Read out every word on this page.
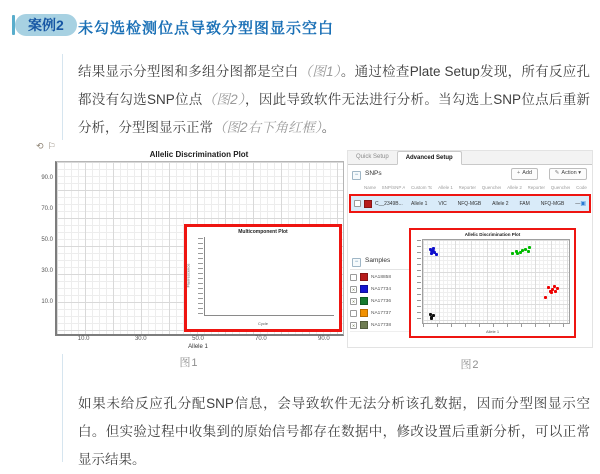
案例2 未勾选检测位点导致分型图显示空白
结果显示分型图和多组分图都是空白（图1）。通过检查Plate Setup发现，所有反应孔都没有勾选SNP位点（图2），因此导致软件无法进行分析。当勾选上SNP位点后重新分析，分型图显示正常（图2右下角红框）。
⟲⚐
Allelic Discrimination Plot
90.0
70.0
50.0
30.0
10.0
10.0	30.0	50.0	70.0	90.0
Allele 1
Multicomponent Plot
Fluorescence
Cycle
图1
Quick Setup	Advanced Setup
− SNPs	+ Add	✎ Action ▾
Name SNP/SNP A Custom To Allele 1 Reporter Quencher Allele 2 Reporter Quencher Code
C__2349B...	Allele 1 VIC NFQ-MGB Allele 2 FAM NFQ-MGB — ▣
− Samples
NA18858
✕	NA17734
✕	NA17736
NA17737
✕	NA17738
Allelic Discrimination Plot
Allele 1
图2
如果未给反应孔分配SNP信息，会导致软件无法分析该孔数据，因而分型图显示空白。但实验过程中收集到的原始信号都存在数据中，修改设置后重新分析，可以正常显示结果。
